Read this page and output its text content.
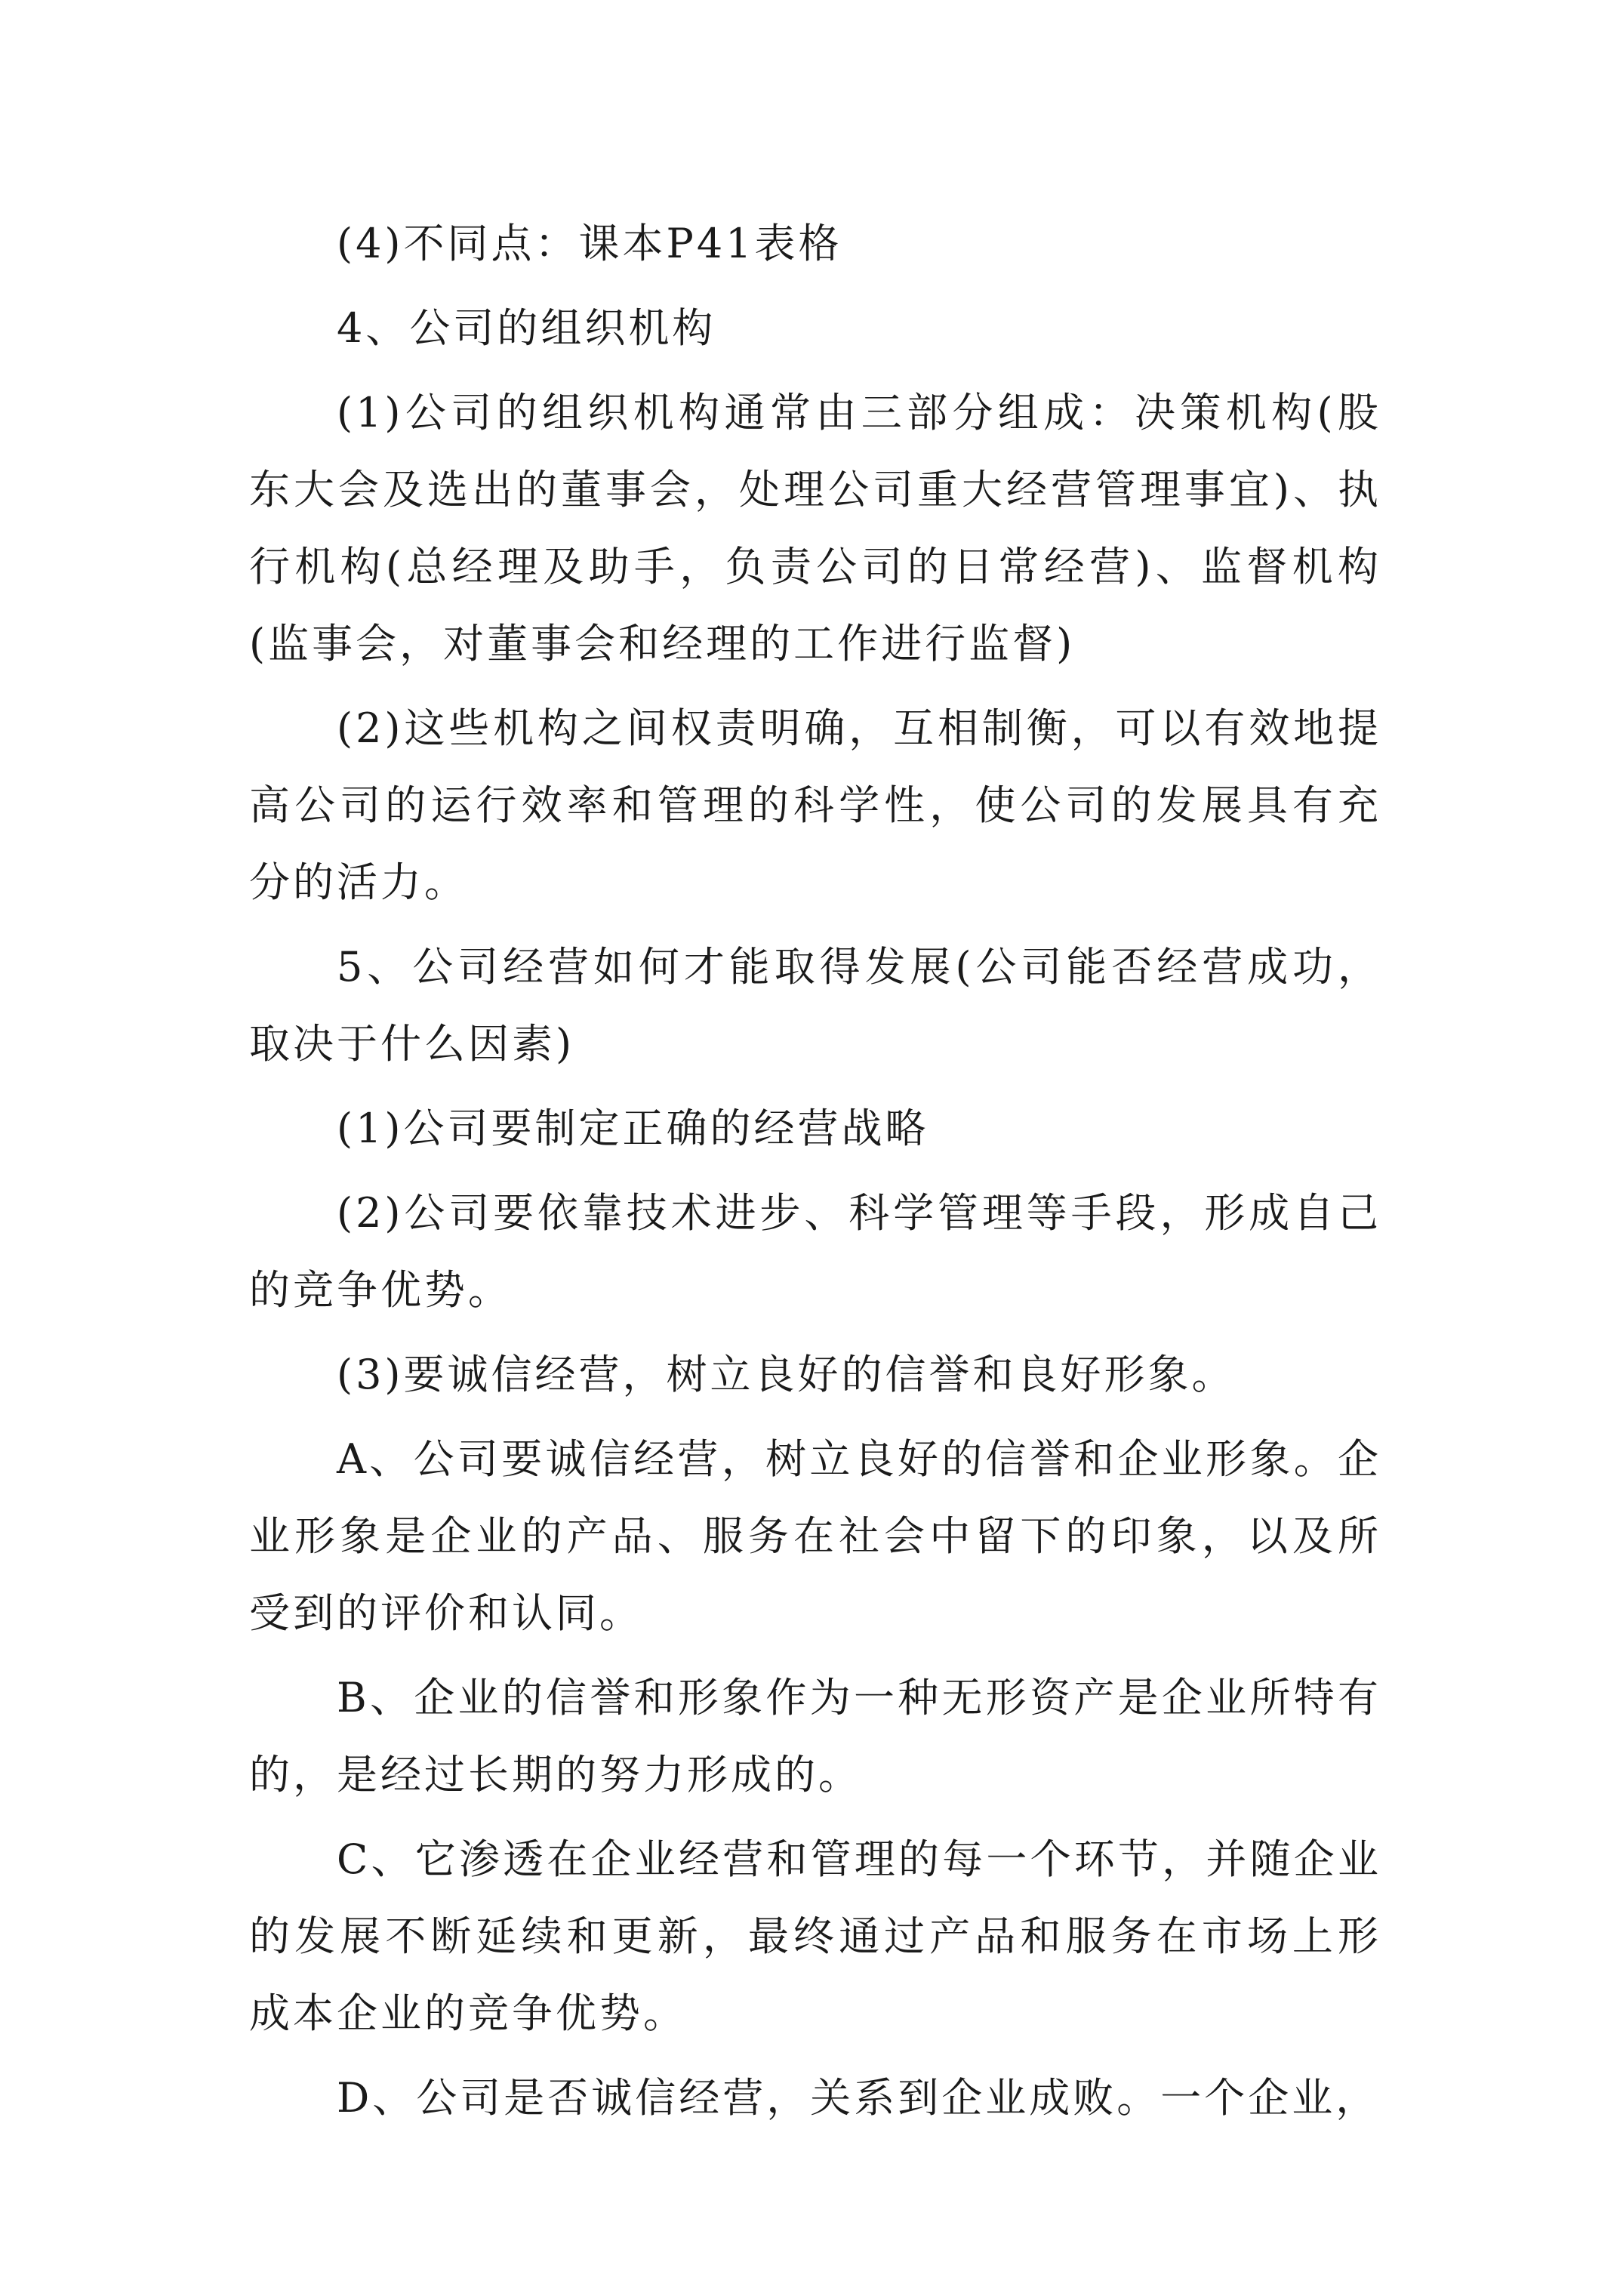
(4)不同点：课本P41表格

4、公司的组织机构

(1)公司的组织机构通常由三部分组成：决策机构(股东大会及选出的董事会，处理公司重大经营管理事宜)、执行机构(总经理及助手，负责公司的日常经营)、监督机构(监事会，对董事会和经理的工作进行监督)

(2)这些机构之间权责明确，互相制衡，可以有效地提高公司的运行效率和管理的科学性，使公司的发展具有充分的活力。

5、公司经营如何才能取得发展(公司能否经营成功，取决于什么因素)

(1)公司要制定正确的经营战略

(2)公司要依靠技术进步、科学管理等手段，形成自己的竞争优势。

(3)要诚信经营，树立良好的信誉和良好形象。

A、公司要诚信经营，树立良好的信誉和企业形象。企业形象是企业的产品、服务在社会中留下的印象，以及所受到的评价和认同。

B、企业的信誉和形象作为一种无形资产是企业所特有的，是经过长期的努力形成的。

C、它渗透在企业经营和管理的每一个环节，并随企业的发展不断延续和更新，最终通过产品和服务在市场上形成本企业的竞争优势。

D、公司是否诚信经营，关系到企业成败。一个企业，
